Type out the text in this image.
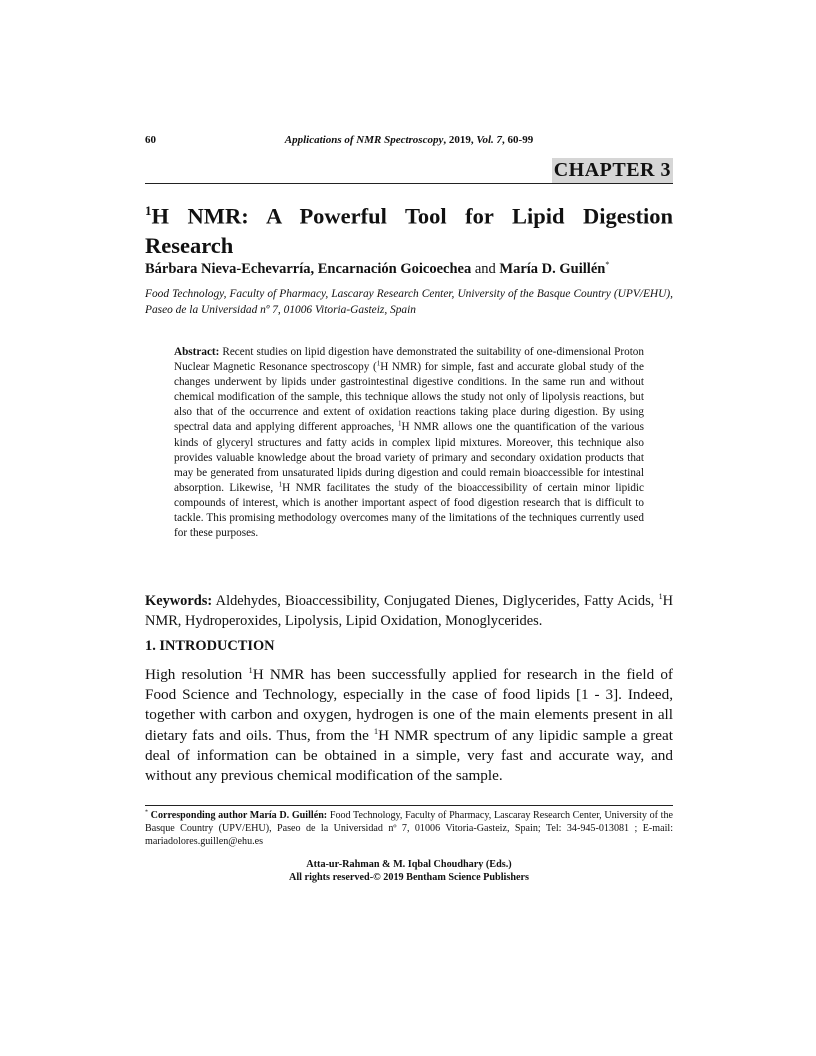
60	Applications of NMR Spectroscopy, 2019, Vol. 7, 60-99
CHAPTER 3
$^1$H NMR: A Powerful Tool for Lipid Digestion Research
Bárbara Nieva-Echevarría, Encarnación Goicoechea and María D. Guillén*
Food Technology, Faculty of Pharmacy, Lascaray Research Center, University of the Basque Country (UPV/EHU), Paseo de la Universidad nº 7, 01006 Vitoria-Gasteiz, Spain
Abstract: Recent studies on lipid digestion have demonstrated the suitability of one-dimensional Proton Nuclear Magnetic Resonance spectroscopy ($^1$H NMR) for simple, fast and accurate global study of the changes underwent by lipids under gastrointestinal digestive conditions. In the same run and without chemical modification of the sample, this technique allows the study not only of lipolysis reactions, but also that of the occurrence and extent of oxidation reactions taking place during digestion. By using spectral data and applying different approaches, $^1$H NMR allows one the quantification of the various kinds of glyceryl structures and fatty acids in complex lipid mixtures. Moreover, this technique also provides valuable knowledge about the broad variety of primary and secondary oxidation products that may be generated from unsaturated lipids during digestion and could remain bioaccessible for intestinal absorption. Likewise, $^1$H NMR facilitates the study of the bioaccessibility of certain minor lipidic compounds of interest, which is another important aspect of food digestion research that is difficult to tackle. This promising methodology overcomes many of the limitations of the techniques currently used for these purposes.
Keywords: Aldehydes, Bioaccessibility, Conjugated Dienes, Diglycerides, Fatty Acids, $^1$H NMR, Hydroperoxides, Lipolysis, Lipid Oxidation, Monoglycerides.
1. INTRODUCTION

High resolution $^1$H NMR has been successfully applied for research in the field of Food Science and Technology, especially in the case of food lipids [1 - 3]. Indeed, together with carbon and oxygen, hydrogen is one of the main elements present in all dietary fats and oils. Thus, from the $^1$H NMR spectrum of any lipidic sample a great deal of information can be obtained in a simple, very fast and accurate way, and without any previous chemical modification of the sample.

* Corresponding author María D. Guillén: Food Technology, Faculty of Pharmacy, Lascaray Research Center, University of the Basque Country (UPV/EHU), Paseo de la Universidad nº 7, 01006 Vitoria-Gasteiz, Spain; Tel: 34-945-013081 ; E-mail: mariadolores.guillen@ehu.es
Atta-ur-Rahman & M. Iqbal Choudhary (Eds.)
All rights reserved-© 2019 Bentham Science Publishers
